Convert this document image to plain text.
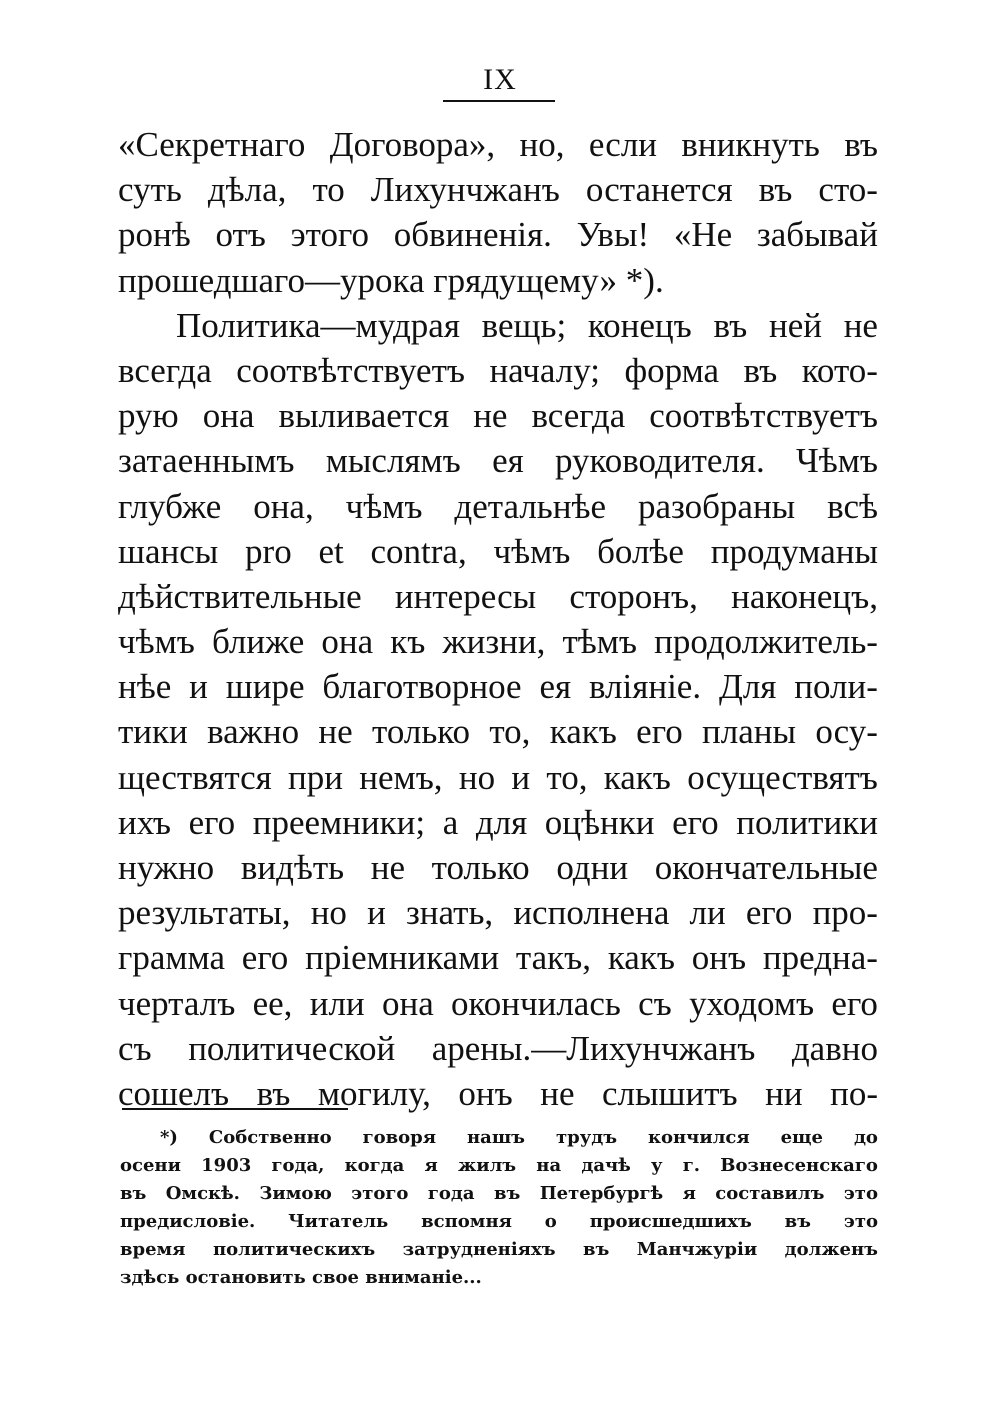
IX
«Секретнаго Договора», но, если вникнуть въ
суть дѣла, то Лихунчжанъ останется въ сто-
ронѣ отъ этого обвиненія. Увы! «Не забывай
прошедшаго—урока грядущему» *).
Политика—мудрая вещь; конецъ въ ней не
всегда соотвѣтствуетъ началу; форма въ кото-
рую она выливается не всегда соотвѣтствуетъ
затаеннымъ мыслямъ ея руководителя. Чѣмъ
глубже она, чѣмъ детальнѣе разобраны всѣ
шансы pro et contra, чѣмъ болѣе продуманы
дѣйствительные интересы сторонъ, наконецъ,
чѣмъ ближе она къ жизни, тѣмъ продолжитель-
нѣе и шире благотворное ея вліяніе. Для поли-
тики важно не только то, какъ его планы осу-
ществятся при немъ, но и то, какъ осуществятъ
ихъ его преемники; а для оцѣнки его политики
нужно видѣть не только одни окончательные
результаты, но и знать, исполнена ли его про-
грамма его пріемниками такъ, какъ онъ предна-
черталъ ее, или она окончилась съ уходомъ его
съ политической арены.—Лихунчжанъ давно
сошелъ въ могилу, онъ не слышитъ ни по-
*) Собственно говоря нашъ трудъ кончился еще до
осени 1903 года, когда я жилъ на дачѣ у г. Вознесенскаго
въ Омскѣ. Зимою этого года въ Петербургѣ я составилъ это
предисловіе. Читатель вспомня о происшедшихъ въ это
время политическихъ затрудненіяхъ въ Манчжуріи долженъ
здѣсь остановить свое вниманіе...
